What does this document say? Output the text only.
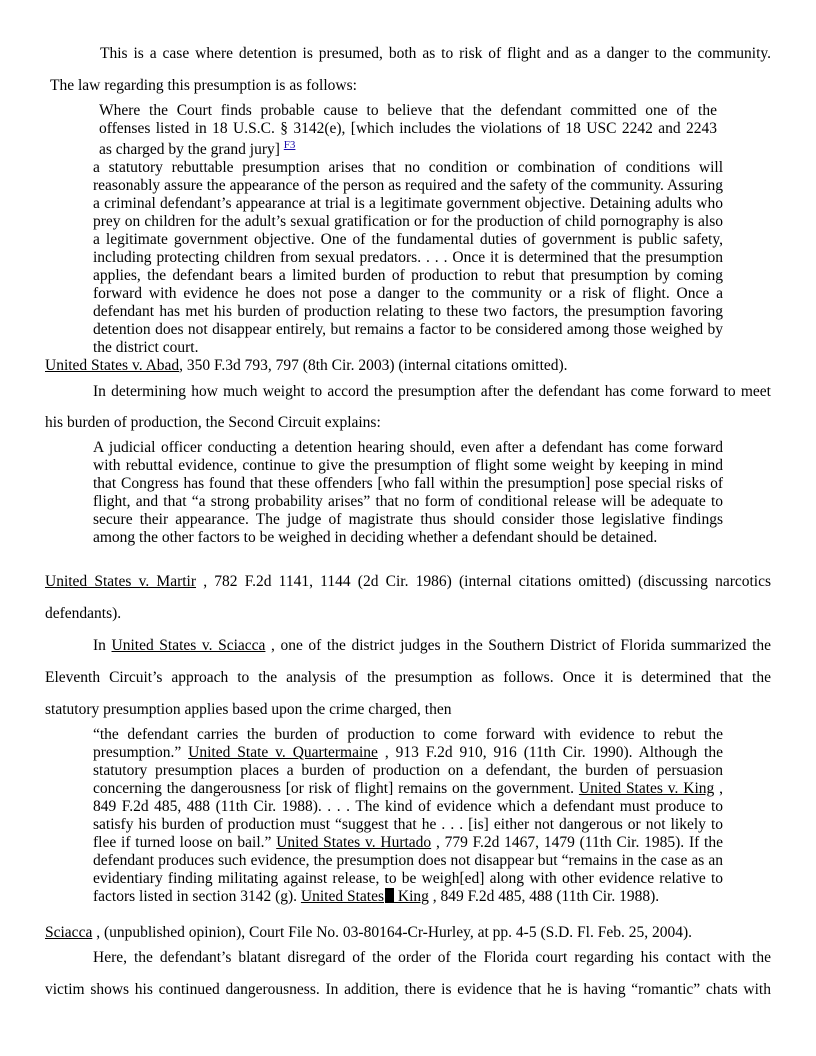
This is a case where detention is presumed, both as to risk of flight and as a danger to the community.
The law regarding this presumption is as follows:
Where the Court finds probable cause to believe that the defendant committed one of the
offenses listed in 18 U.S.C. § 3142(e), [which includes the violations of 18 USC 2242 and 2243
as charged by the grand jury] $^{F3}$

a statutory rebuttable presumption arises that no condition or combination of conditions will reasonably assure the appearance of the person as required and the safety of the community. Assuring a criminal defendant’s appearance at trial is a legitimate government objective. Detaining adults who prey on children for the adult’s sexual gratification or for the production of child pornography is also a legitimate government objective. One of the fundamental duties of government is public safety, including protecting children from sexual predators. . . . Once it is determined that the presumption applies, the defendant bears a limited burden of production to rebut that presumption by coming forward with evidence he does not pose a danger to the community or a risk of flight. Once a defendant has met his burden of production relating to these two factors, the presumption favoring detention does not disappear entirely, but remains a factor to be considered among those weighed by the district court.

United States v. Abad, 350 F.3d 793, 797 (8th Cir. 2003) (internal citations omitted).
In determining how much weight to accord the presumption after the defendant has come forward to meet
his burden of production, the Second Circuit explains:

A judicial officer conducting a detention hearing should, even after a defendant has come forward with rebuttal evidence, continue to give the presumption of flight some weight by keeping in mind that Congress has found that these offenders [who fall within the presumption] pose special risks of flight, and that “a strong probability arises” that no form of conditional release will be adequate to secure their appearance. The judge of magistrate thus should consider those legislative findings among the other factors to be weighed in deciding whether a defendant should be detained.

United States v. Martir , 782 F.2d 1141, 1144 (2d Cir. 1986) (internal citations omitted) (discussing narcotics
defendants).
In United States v. Sciacca , one of the district judges in the Southern District of Florida summarized the
Eleventh Circuit’s approach to the analysis of the presumption as follows. Once it is determined that the
statutory presumption applies based upon the crime charged, then

“the defendant carries the burden of production to come forward with evidence to rebut the presumption.” United State v. Quartermaine , 913 F.2d 910, 916 (11th Cir. 1990). Although the statutory presumption places a burden of production on a defendant, the burden of persuasion concerning the dangerousness [or risk of flight] remains on the government. United States v. King , 849 F.2d 485, 488 (11th Cir. 1988). . . . The kind of evidence which a defendant must produce to satisfy his burden of production must “suggest that he . . . [is] either not dangerous or not likely to flee if turned loose on bail.” United States v. Hurtado , 779 F.2d 1467, 1479 (11th Cir. 1985). If the defendant produces such evidence, the presumption does not disappear but “remains in the case as an evidentiary finding militating against release, to be weigh[ed] along with other evidence relative to factors listed in section 3142 (g). United States King , 849 F.2d 485, 488 (11th Cir. 1988).

Sciacca , (unpublished opinion), Court File No. 03-80164-Cr-Hurley, at pp. 4-5 (S.D. Fl. Feb. 25, 2004).
Here, the defendant’s blatant disregard of the order of the Florida court regarding his contact with the
victim shows his continued dangerousness. In addition, there is evidence that he is having “romantic” chats with
